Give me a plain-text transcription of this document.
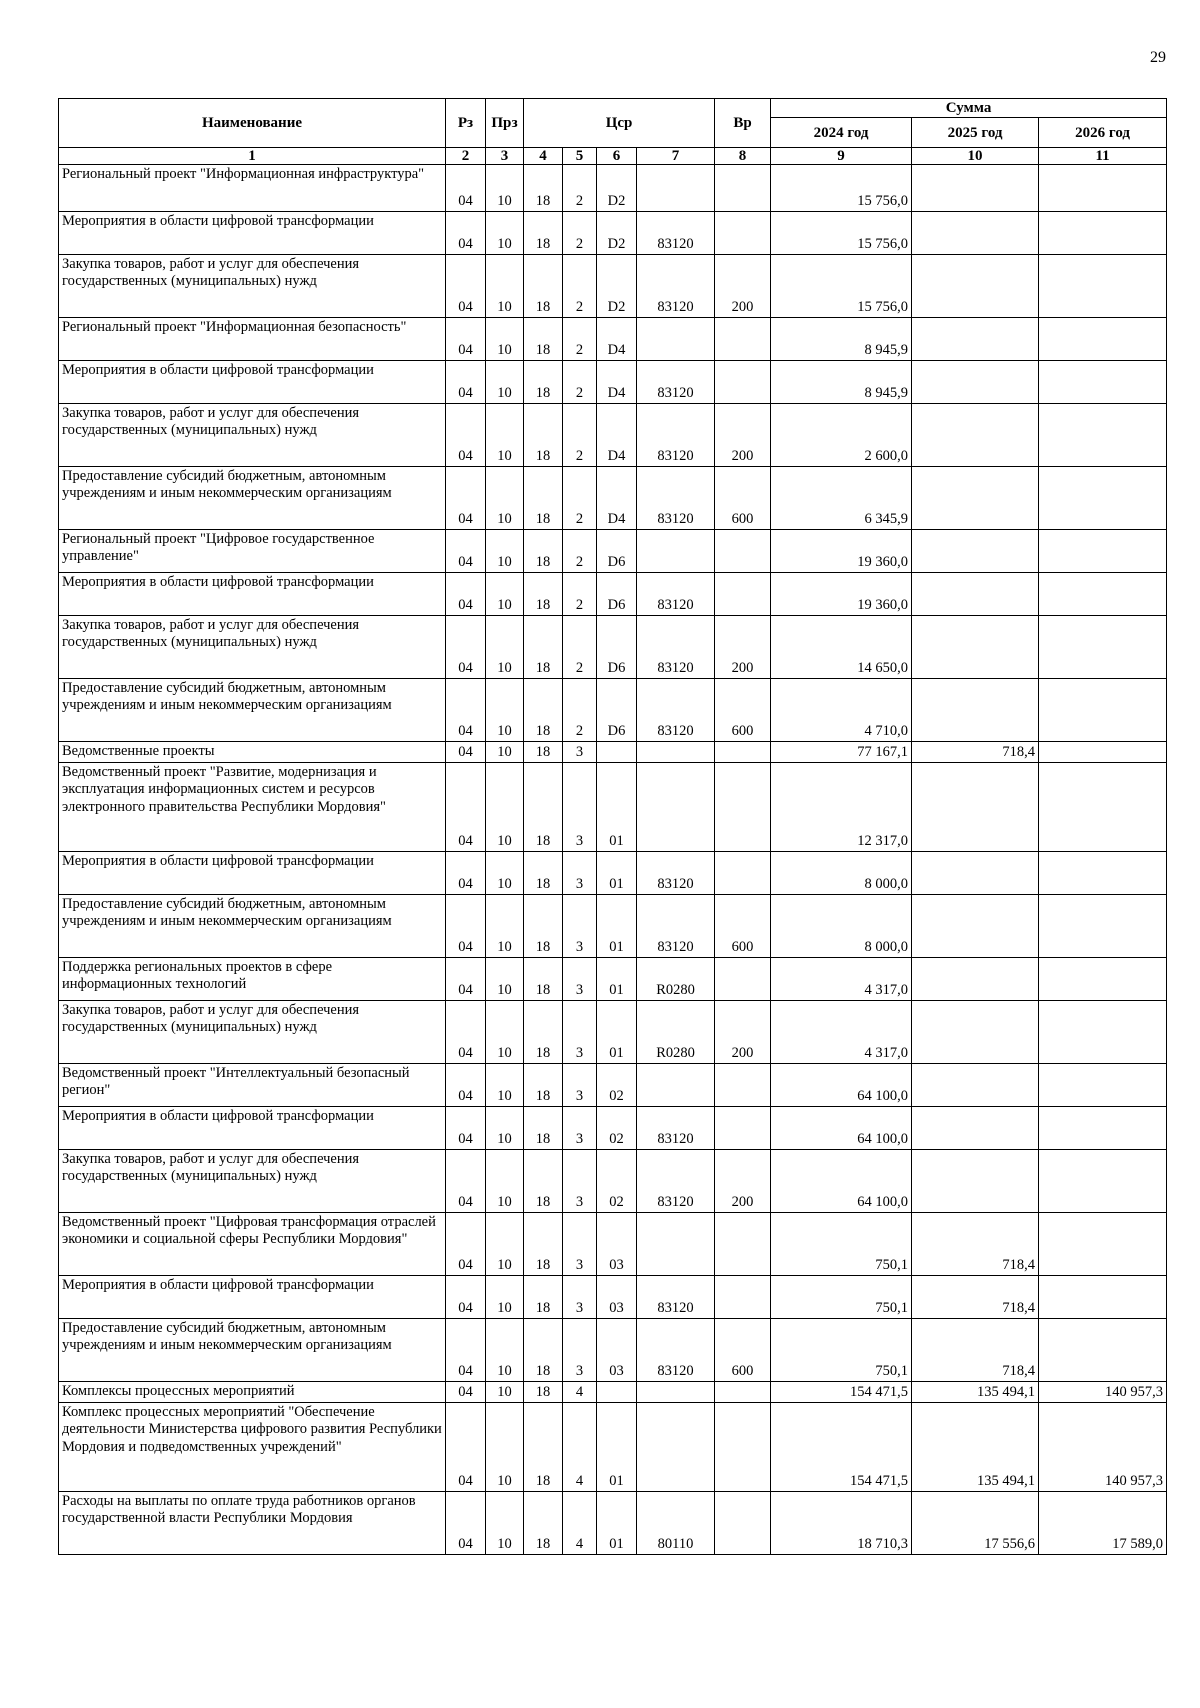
29
Наименование	Рз	Прз	Цср				Вр	Сумма		
								2024 год	2025 год	2026 год
1	2	3	4	5	6	7	8	9	10	11
Региональный проект "Информационная инфраструктура"	04	10	18	2	D2			15 756,0		
Мероприятия в области цифровой трансформации	04	10	18	2	D2	83120		15 756,0		
Закупка товаров, работ и услуг для обеспечения государственных (муниципальных) нужд	04	10	18	2	D2	83120	200	15 756,0		
Региональный проект "Информационная безопасность"	04	10	18	2	D4			8 945,9		
Мероприятия в области цифровой трансформации	04	10	18	2	D4	83120		8 945,9		
Закупка товаров, работ и услуг для обеспечения государственных (муниципальных) нужд	04	10	18	2	D4	83120	200	2 600,0		
Предоставление субсидий бюджетным, автономным учреждениям и иным некоммерческим организациям	04	10	18	2	D4	83120	600	6 345,9		
Региональный проект "Цифровое государственное управление"	04	10	18	2	D6			19 360,0		
Мероприятия в области цифровой трансформации	04	10	18	2	D6	83120		19 360,0		
Закупка товаров, работ и услуг для обеспечения государственных (муниципальных) нужд	04	10	18	2	D6	83120	200	14 650,0		
Предоставление субсидий бюджетным, автономным учреждениям и иным некоммерческим организациям	04	10	18	2	D6	83120	600	4 710,0		
Ведомственные проекты	04	10	18	3				77 167,1	718,4	
Ведомственный проект "Развитие, модернизация и эксплуатация информационных систем и ресурсов электронного правительства Республики Мордовия"	04	10	18	3	01			12 317,0		
Мероприятия в области цифровой трансформации	04	10	18	3	01	83120		8 000,0		
Предоставление субсидий бюджетным, автономным учреждениям и иным некоммерческим организациям	04	10	18	3	01	83120	600	8 000,0		
Поддержка региональных проектов в сфере информационных технологий	04	10	18	3	01	R0280		4 317,0		
Закупка товаров, работ и услуг для обеспечения государственных (муниципальных) нужд	04	10	18	3	01	R0280	200	4 317,0		
Ведомственный проект "Интеллектуальный безопасный регион"	04	10	18	3	02			64 100,0		
Мероприятия в области цифровой трансформации	04	10	18	3	02	83120		64 100,0		
Закупка товаров, работ и услуг для обеспечения государственных (муниципальных) нужд	04	10	18	3	02	83120	200	64 100,0		
Ведомственный проект "Цифровая трансформация отраслей экономики и социальной сферы Республики Мордовия"	04	10	18	3	03			750,1	718,4	
Мероприятия в области цифровой трансформации	04	10	18	3	03	83120		750,1	718,4	
Предоставление субсидий бюджетным, автономным учреждениям и иным некоммерческим организациям	04	10	18	3	03	83120	600	750,1	718,4	
Комплексы процессных мероприятий	04	10	18	4				154 471,5	135 494,1	140 957,3
Комплекс процессных мероприятий "Обеспечение деятельности Министерства цифрового развития Республики Мордовия и подведомственных учреждений"	04	10	18	4	01			154 471,5	135 494,1	140 957,3
Расходы на выплаты по оплате труда работников органов государственной власти Республики Мордовия	04	10	18	4	01	80110		18 710,3	17 556,6	17 589,0
